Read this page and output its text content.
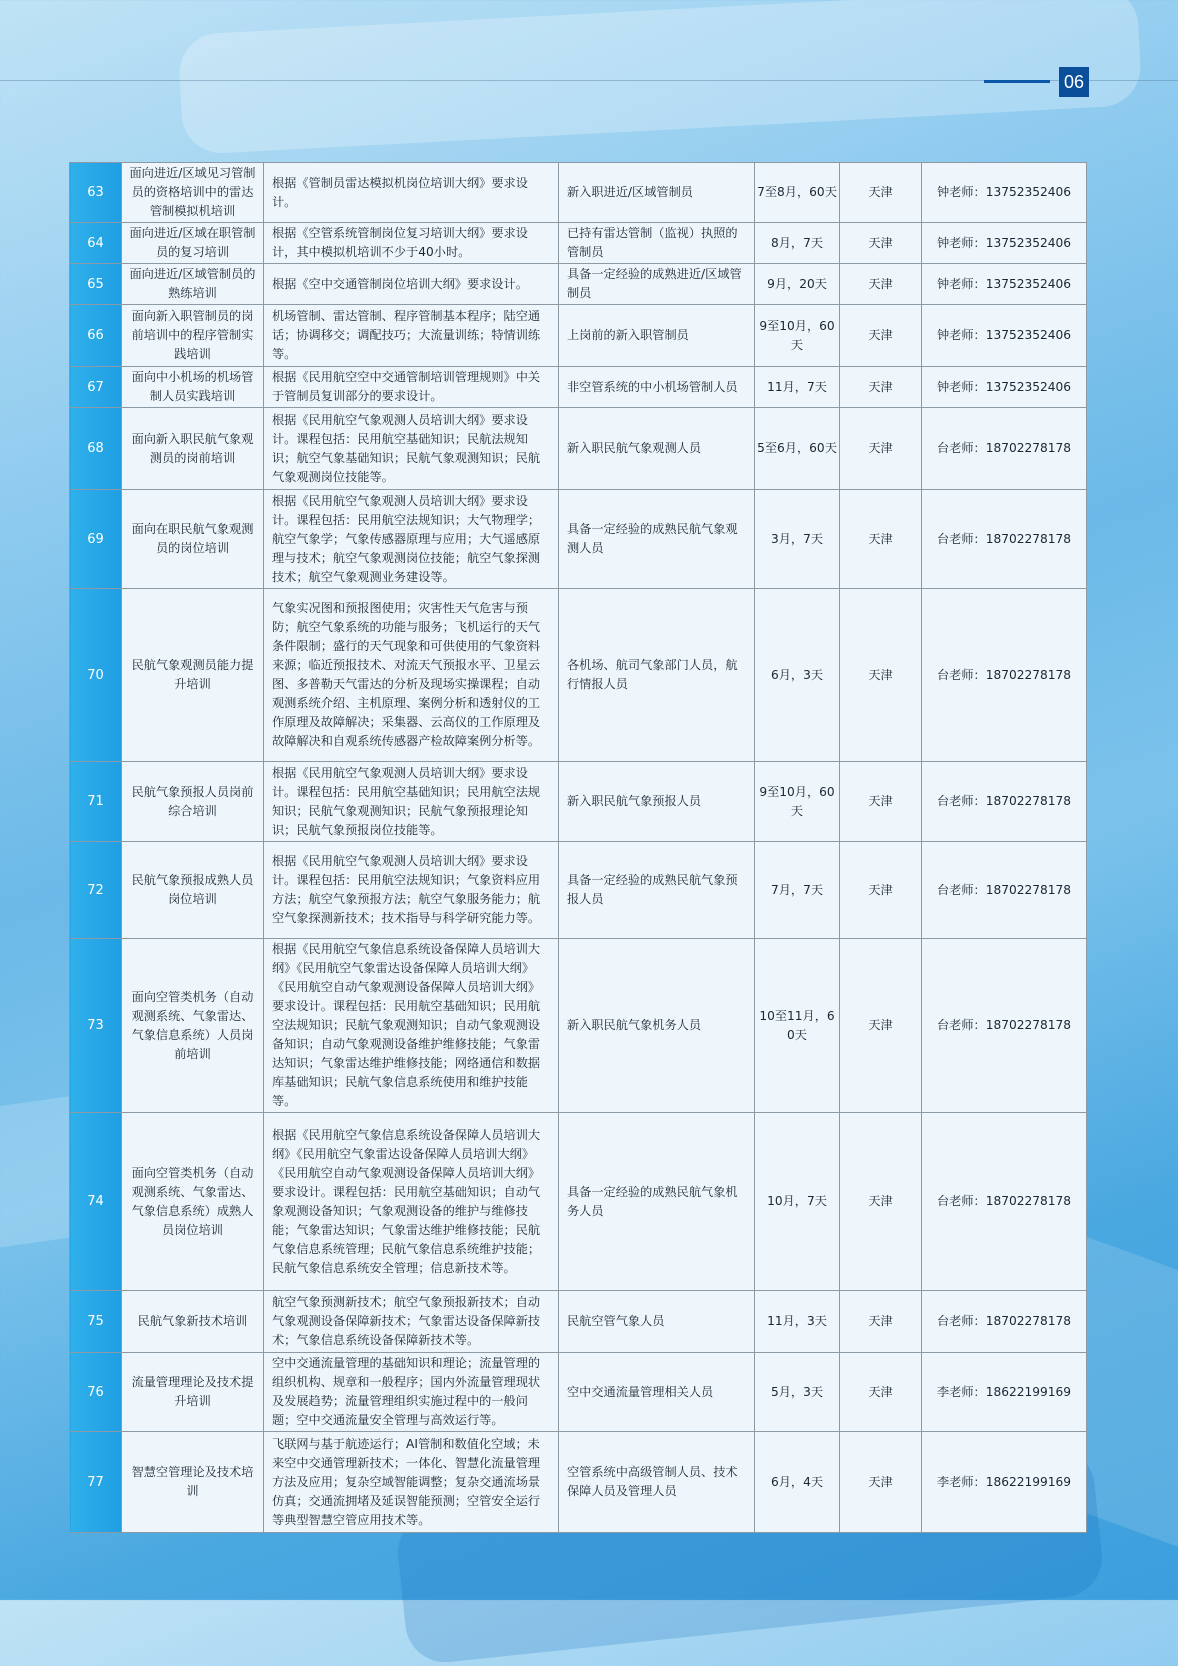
06
63	面向进近/区域见习管制员的资格培训中的雷达管制模拟机培训	根据《管制员雷达模拟机岗位培训大纲》要求设计。	新入职进近/区域管制员	7至8月，60天	天津	钟老师：13752352406
64	面向进近/区域在职管制员的复习培训	根据《空管系统管制岗位复习培训大纲》要求设计，其中模拟机培训不少于40小时。	已持有雷达管制（监视）执照的管制员	8月，7天	天津	钟老师：13752352406
65	面向进近/区域管制员的熟练培训	根据《空中交通管制岗位培训大纲》要求设计。	具备一定经验的成熟进近/区域管制员	9月，20天	天津	钟老师：13752352406
66	面向新入职管制员的岗前培训中的程序管制实践培训	机场管制、雷达管制、程序管制基本程序；陆空通话；协调移交；调配技巧；大流量训练；特情训练等。	上岗前的新入职管制员	9至10月，60天	天津	钟老师：13752352406
67	面向中小机场的机场管制人员实践培训	根据《民用航空空中交通管制培训管理规则》中关于管制员复训部分的要求设计。	非空管系统的中小机场管制人员	11月，7天	天津	钟老师：13752352406
68	面向新入职民航气象观测员的岗前培训	根据《民用航空气象观测人员培训大纲》要求设计。课程包括：民用航空基础知识；民航法规知识；航空气象基础知识；民航气象观测知识；民航气象观测岗位技能等。	新入职民航气象观测人员	5至6月，60天	天津	台老师：18702278178
69	面向在职民航气象观测员的岗位培训	根据《民用航空气象观测人员培训大纲》要求设计。课程包括：民用航空法规知识；大气物理学；航空气象学；气象传感器原理与应用；大气遥感原理与技术；航空气象观测岗位技能；航空气象探测技术；航空气象观测业务建设等。	具备一定经验的成熟民航气象观测人员	3月，7天	天津	台老师：18702278178
70	民航气象观测员能力提升培训	气象实况图和预报图使用；灾害性天气危害与预防；航空气象系统的功能与服务；飞机运行的天气条件限制；盛行的天气现象和可供使用的气象资料来源；临近预报技术、对流天气预报水平、卫星云图、多普勒天气雷达的分析及现场实操课程；自动观测系统介绍、主机原理、案例分析和透射仪的工作原理及故障解决；采集器、云高仪的工作原理及故障解决和自观系统传感器产检故障案例分析等。	各机场、航司气象部门人员，航行情报人员	6月，3天	天津	台老师：18702278178
71	民航气象预报人员岗前综合培训	根据《民用航空气象观测人员培训大纲》要求设计。课程包括：民用航空基础知识；民用航空法规知识；民航气象观测知识；民航气象预报理论知识；民航气象预报岗位技能等。	新入职民航气象预报人员	9至10月，60天	天津	台老师：18702278178
72	民航气象预报成熟人员岗位培训	根据《民用航空气象观测人员培训大纲》要求设计。课程包括：民用航空法规知识；气象资料应用方法；航空气象预报方法；航空气象服务能力；航空气象探测新技术；技术指导与科学研究能力等。	具备一定经验的成熟民航气象预报人员	7月，7天	天津	台老师：18702278178
73	面向空管类机务（自动观测系统、气象雷达、气象信息系统）人员岗前培训	根据《民用航空气象信息系统设备保障人员培训大纲》《民用航空气象雷达设备保障人员培训大纲》《民用航空自动气象观测设备保障人员培训大纲》要求设计。课程包括：民用航空基础知识；民用航空法规知识；民航气象观测知识；自动气象观测设备知识；自动气象观测设备维护维修技能；气象雷达知识；气象雷达维护维修技能；网络通信和数据库基础知识；民航气象信息系统使用和维护技能等。	新入职民航气象机务人员	10至11月，60天	天津	台老师：18702278178
74	面向空管类机务（自动观测系统、气象雷达、气象信息系统）成熟人员岗位培训	根据《民用航空气象信息系统设备保障人员培训大纲》《民用航空气象雷达设备保障人员培训大纲》《民用航空自动气象观测设备保障人员培训大纲》要求设计。课程包括：民用航空基础知识；自动气象观测设备知识；气象观测设备的维护与维修技能；气象雷达知识；气象雷达维护维修技能；民航气象信息系统管理；民航气象信息系统维护技能；民航气象信息系统安全管理；信息新技术等。	具备一定经验的成熟民航气象机务人员	10月，7天	天津	台老师：18702278178
75	民航气象新技术培训	航空气象预测新技术；航空气象预报新技术；自动气象观测设备保障新技术；气象雷达设备保障新技术；气象信息系统设备保障新技术等。	民航空管气象人员	11月，3天	天津	台老师：18702278178
76	流量管理理论及技术提升培训	空中交通流量管理的基础知识和理论；流量管理的组织机构、规章和一般程序；国内外流量管理现状及发展趋势；流量管理组织实施过程中的一般问题；空中交通流量安全管理与高效运行等。	空中交通流量管理相关人员	5月，3天	天津	李老师：18622199169
77	智慧空管理论及技术培训	飞联网与基于航迹运行；AI管制和数值化空域；未来空中交通管理新技术；一体化、智慧化流量管理方法及应用；复杂空域智能调整；复杂交通流场景仿真；交通流拥堵及延误智能预测；空管安全运行等典型智慧空管应用技术等。	空管系统中高级管制人员、技术保障人员及管理人员	6月，4天	天津	李老师：18622199169
